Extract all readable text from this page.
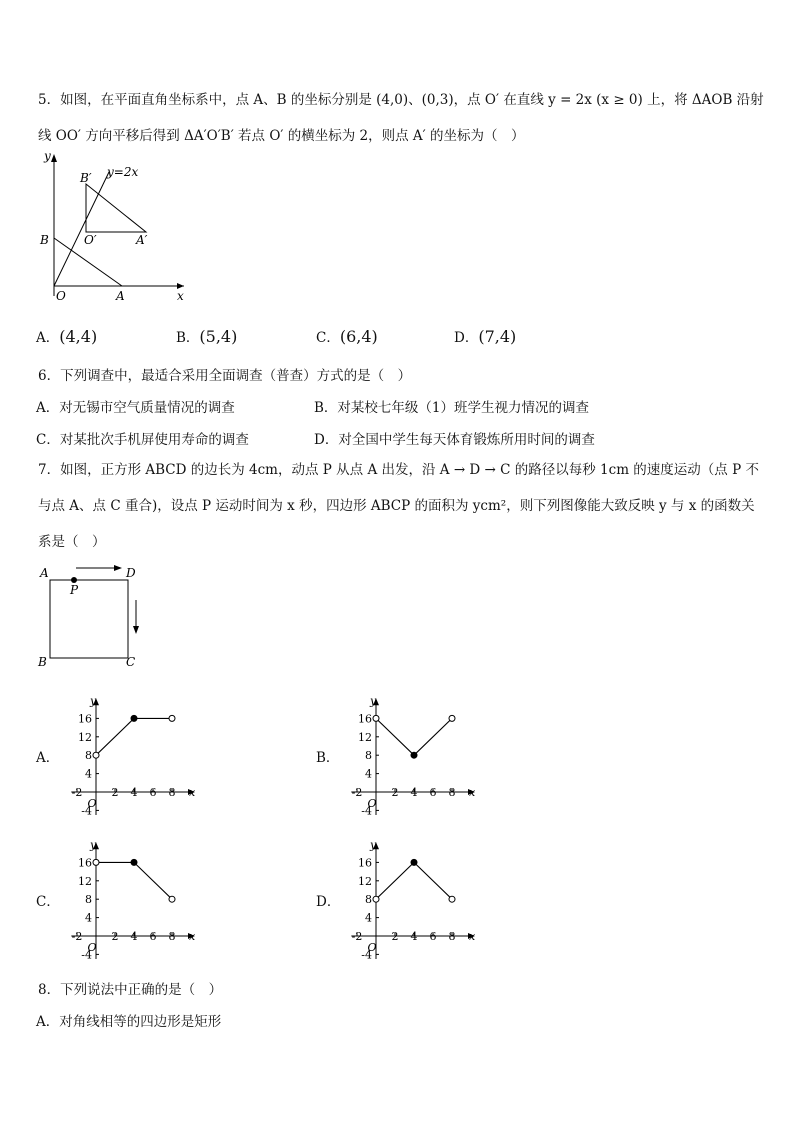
5．如图，在平面直角坐标系中，点 A、B 的坐标分别是 (4,0)、(0,3)，点 O′ 在直线 y = 2x (x ≥ 0) 上，将 ΔAOB 沿射
线 OO′ 方向平移后得到 ΔA′O′B′ 若点 O′ 的横坐标为 2，则点 A′ 的坐标为（　）
y
x
O	A
B	A′
B′
O′
y=2x
A．(4,4)	B．(5,4)	C．(6,4)	D．(7,4)
6．下列调查中，最适合采用全面调查（普查）方式的是（　）
A．对无锡市空气质量情况的调查	B．对某校七年级（1）班学生视力情况的调查
C．对某批次手机屏使用寿命的调查	D．对全国中学生每天体育锻炼所用时间的调查
7．如图，正方形 ABCD 的边长为 4cm，动点 P 从点 A 出发，沿 A → D → C 的路径以每秒 1cm 的速度运动（点 P 不
与点 A、点 C 重合)，设点 P 运动时间为 x 秒，四边形 ABCP 的面积为 ycm²，则下列图像能大致反映 y 与 x 的函数关
系是（　）
A	D
B	C
P
A．	B．
C．	D．
16
12
8
4
-4
-2	2 4 6 8
y
x
O
16
12
8
4
-4
-2	2 4 6 8
y
x
O
16
12
8
4
-4
-2	2 4 6 8
y
x
O
16
12
8
4
-4
-2	2 4 6 8
y
x
O
8．下列说法中正确的是（　）
A．对角线相等的四边形是矩形
